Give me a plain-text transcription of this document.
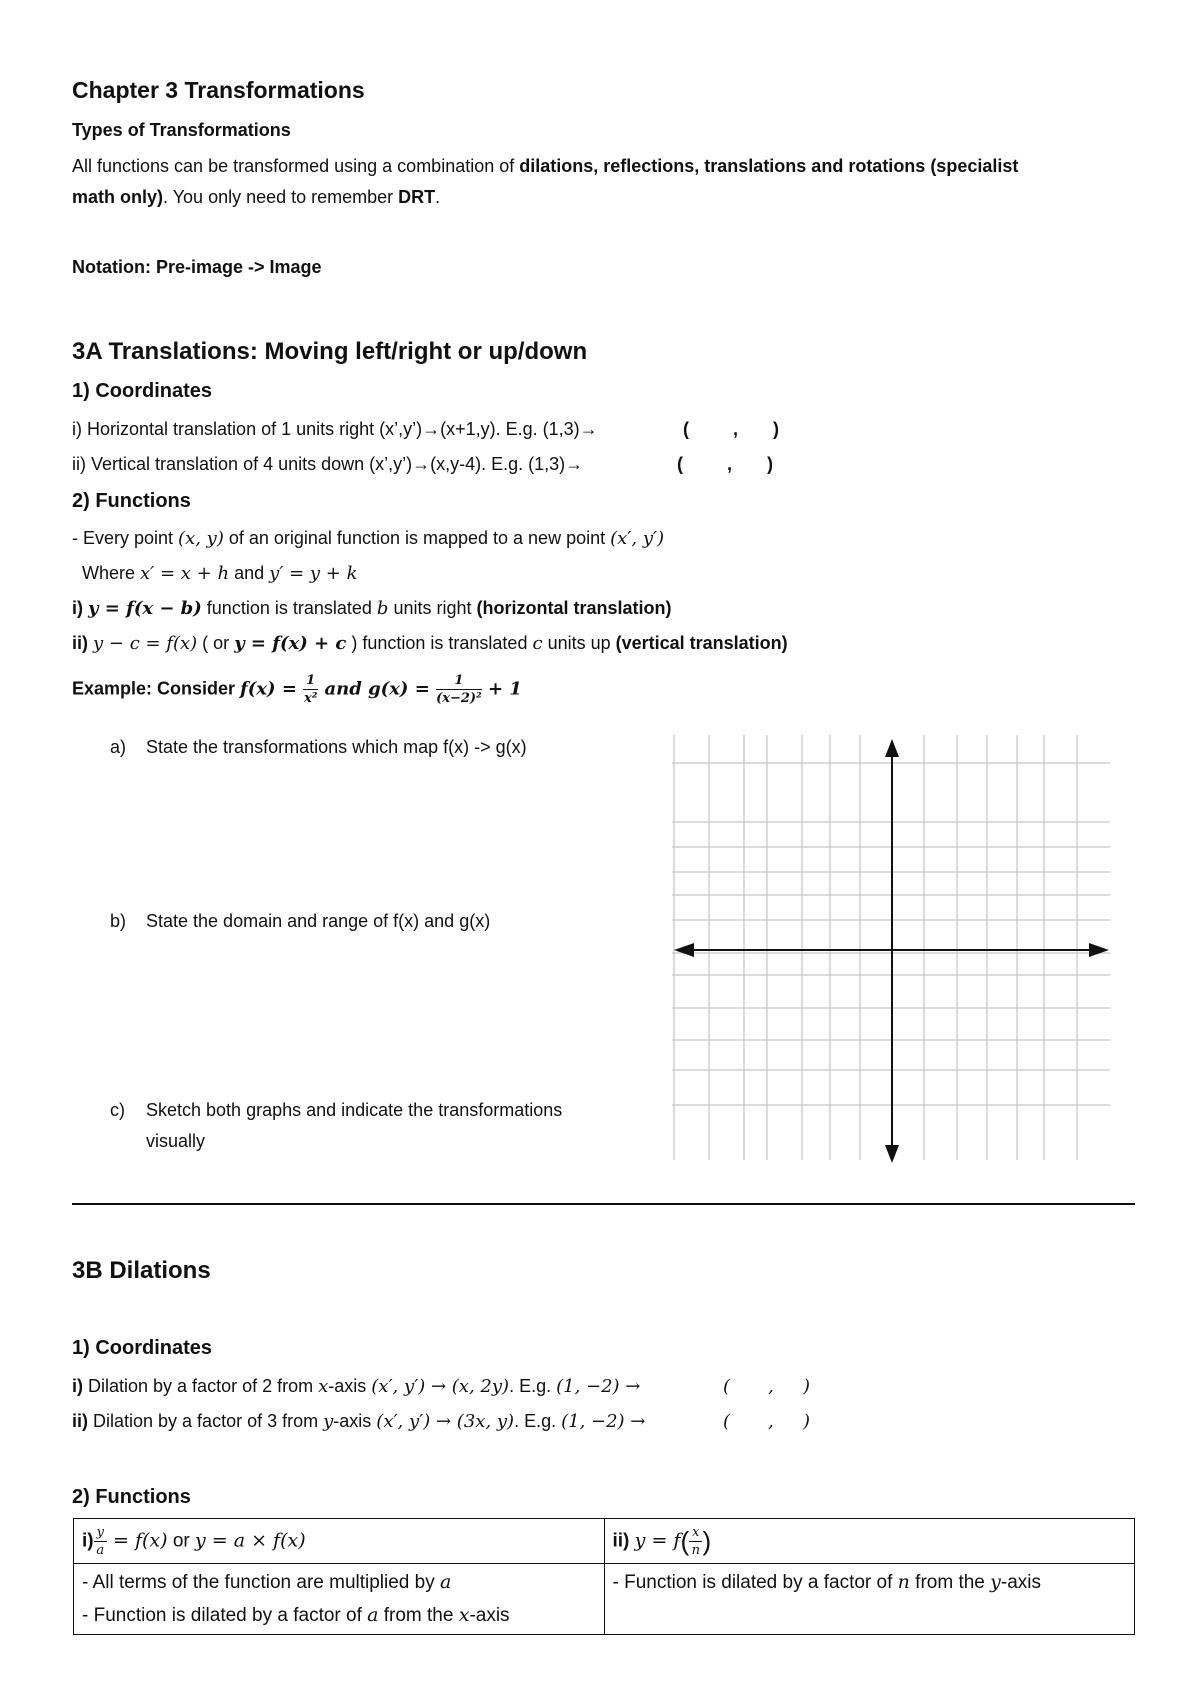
Chapter 3 Transformations
Types of Transformations
All functions can be transformed using a combination of dilations, reflections, translations and rotations (specialist
math only). You only need to remember DRT.
Notation: Pre-image -> Image
3A Translations: Moving left/right or up/down
1) Coordinates
i) Horizontal translation of 1 units right (x’,y’)→(x+1,y). E.g. (1,3)→	( , )
ii) Vertical translation of 4 units down (x’,y’)→(x,y-4). E.g. (1,3)→	( , )
2) Functions
- Every point (x, y) of an original function is mapped to a new point (x′, y′)
Where x′ = x + h and y′ = y + k
i) y = f(x − b) function is translated b units right (horizontal translation)
ii) y − c = f(x) ( or y = f(x) + c ) function is translated c units up (vertical translation)
Example: Consider $f(x) = \frac{1}{\text{x²}}$ and $g(x) = \frac{1}{\text{(x−2)²}} + 1$
a) State the transformations which map f(x) -> g(x)
b) State the domain and range of f(x) and g(x)
c) Sketch both graphs and indicate the transformations
visually
3B Dilations
1) Coordinates
i) Dilation by a factor of 2 from x-axis (x′, y′) → (x, 2y). E.g. (1, −2) →	( , )
ii) Dilation by a factor of 3 from y-axis (x′, y′) → (3x, y). E.g. (1, −2) →	( , )
2) Functions
$i) \frac{y}{a} = f(x)$ or y = a × f(x)	ii) $y = f( \frac{x}{n}$ )

- All terms of the function are multiplied by a
- Function is dilated by a factor of a from the x-axis	- Function is dilated by a factor of n from the y-axis
